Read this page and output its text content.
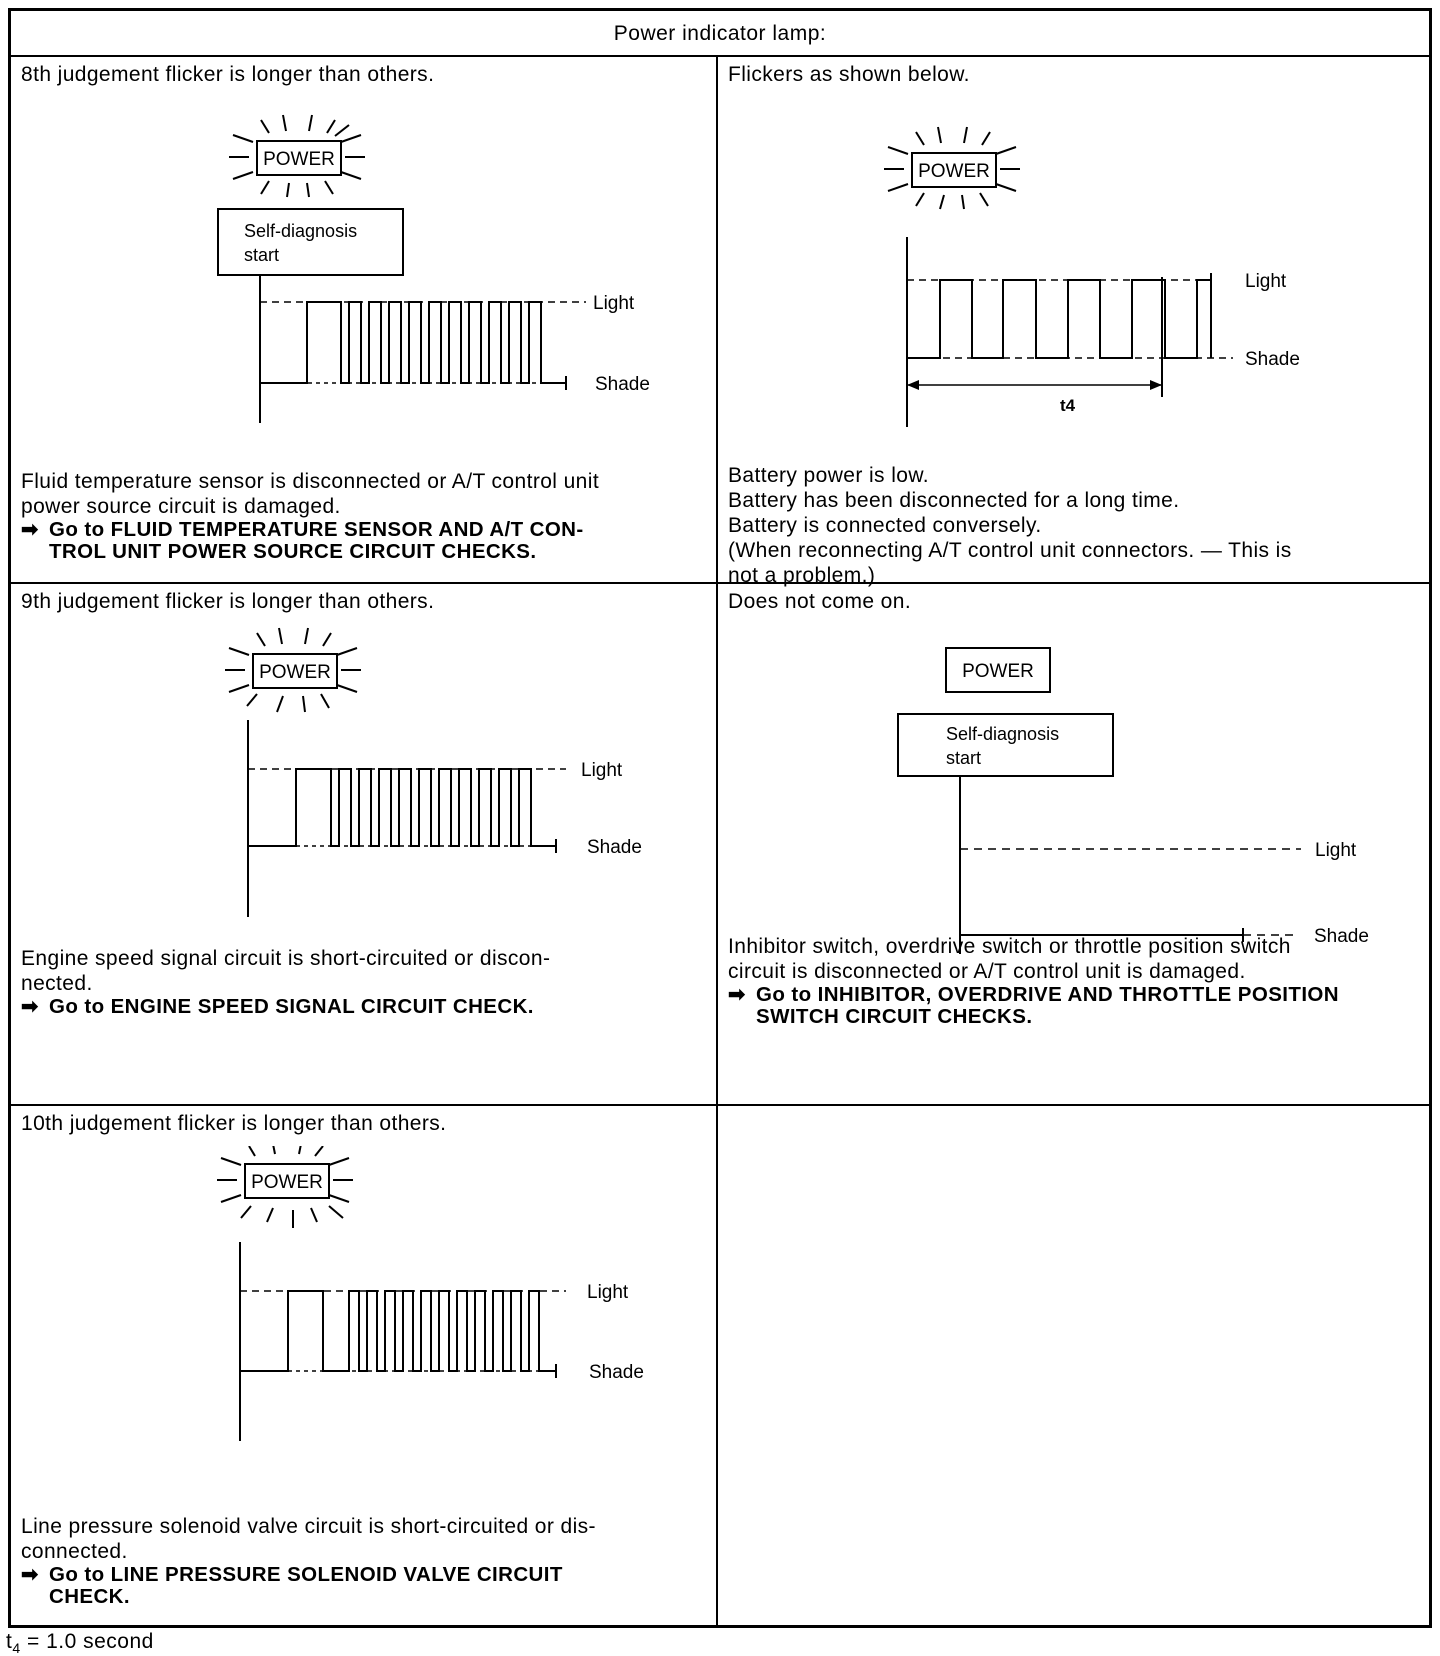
Power indicator lamp:
8th judgement flicker is longer than others.
POWER
Self-diagnosis
start
Light
Shade
Fluid temperature sensor is disconnected or A/T control unit
power source circuit is damaged.
➡ Go to FLUID TEMPERATURE SENSOR AND A/T CON-
TROL UNIT POWER SOURCE CIRCUIT CHECKS.
Flickers as shown below.
POWER
t4
Light
Shade
Battery power is low.
Battery has been disconnected for a long time.
Battery is connected conversely.
(When reconnecting A/T control unit connectors. — This is
not a problem.)
9th judgement flicker is longer than others.
POWER
Light
Shade
Engine speed signal circuit is short-circuited or discon-
nected.
➡ Go to ENGINE SPEED SIGNAL CIRCUIT CHECK.
Does not come on.
POWER
Self-diagnosis
start
Light
Shade
Inhibitor switch, overdrive switch or throttle position switch
circuit is disconnected or A/T control unit is damaged.
➡ Go to INHIBITOR, OVERDRIVE AND THROTTLE POSITION
SWITCH CIRCUIT CHECKS.
10th judgement flicker is longer than others.
POWER
Light
Shade
Line pressure solenoid valve circuit is short-circuited or dis-
connected.
➡ Go to LINE PRESSURE SOLENOID VALVE CIRCUIT
CHECK.
$t_4 = 1.0$ second
